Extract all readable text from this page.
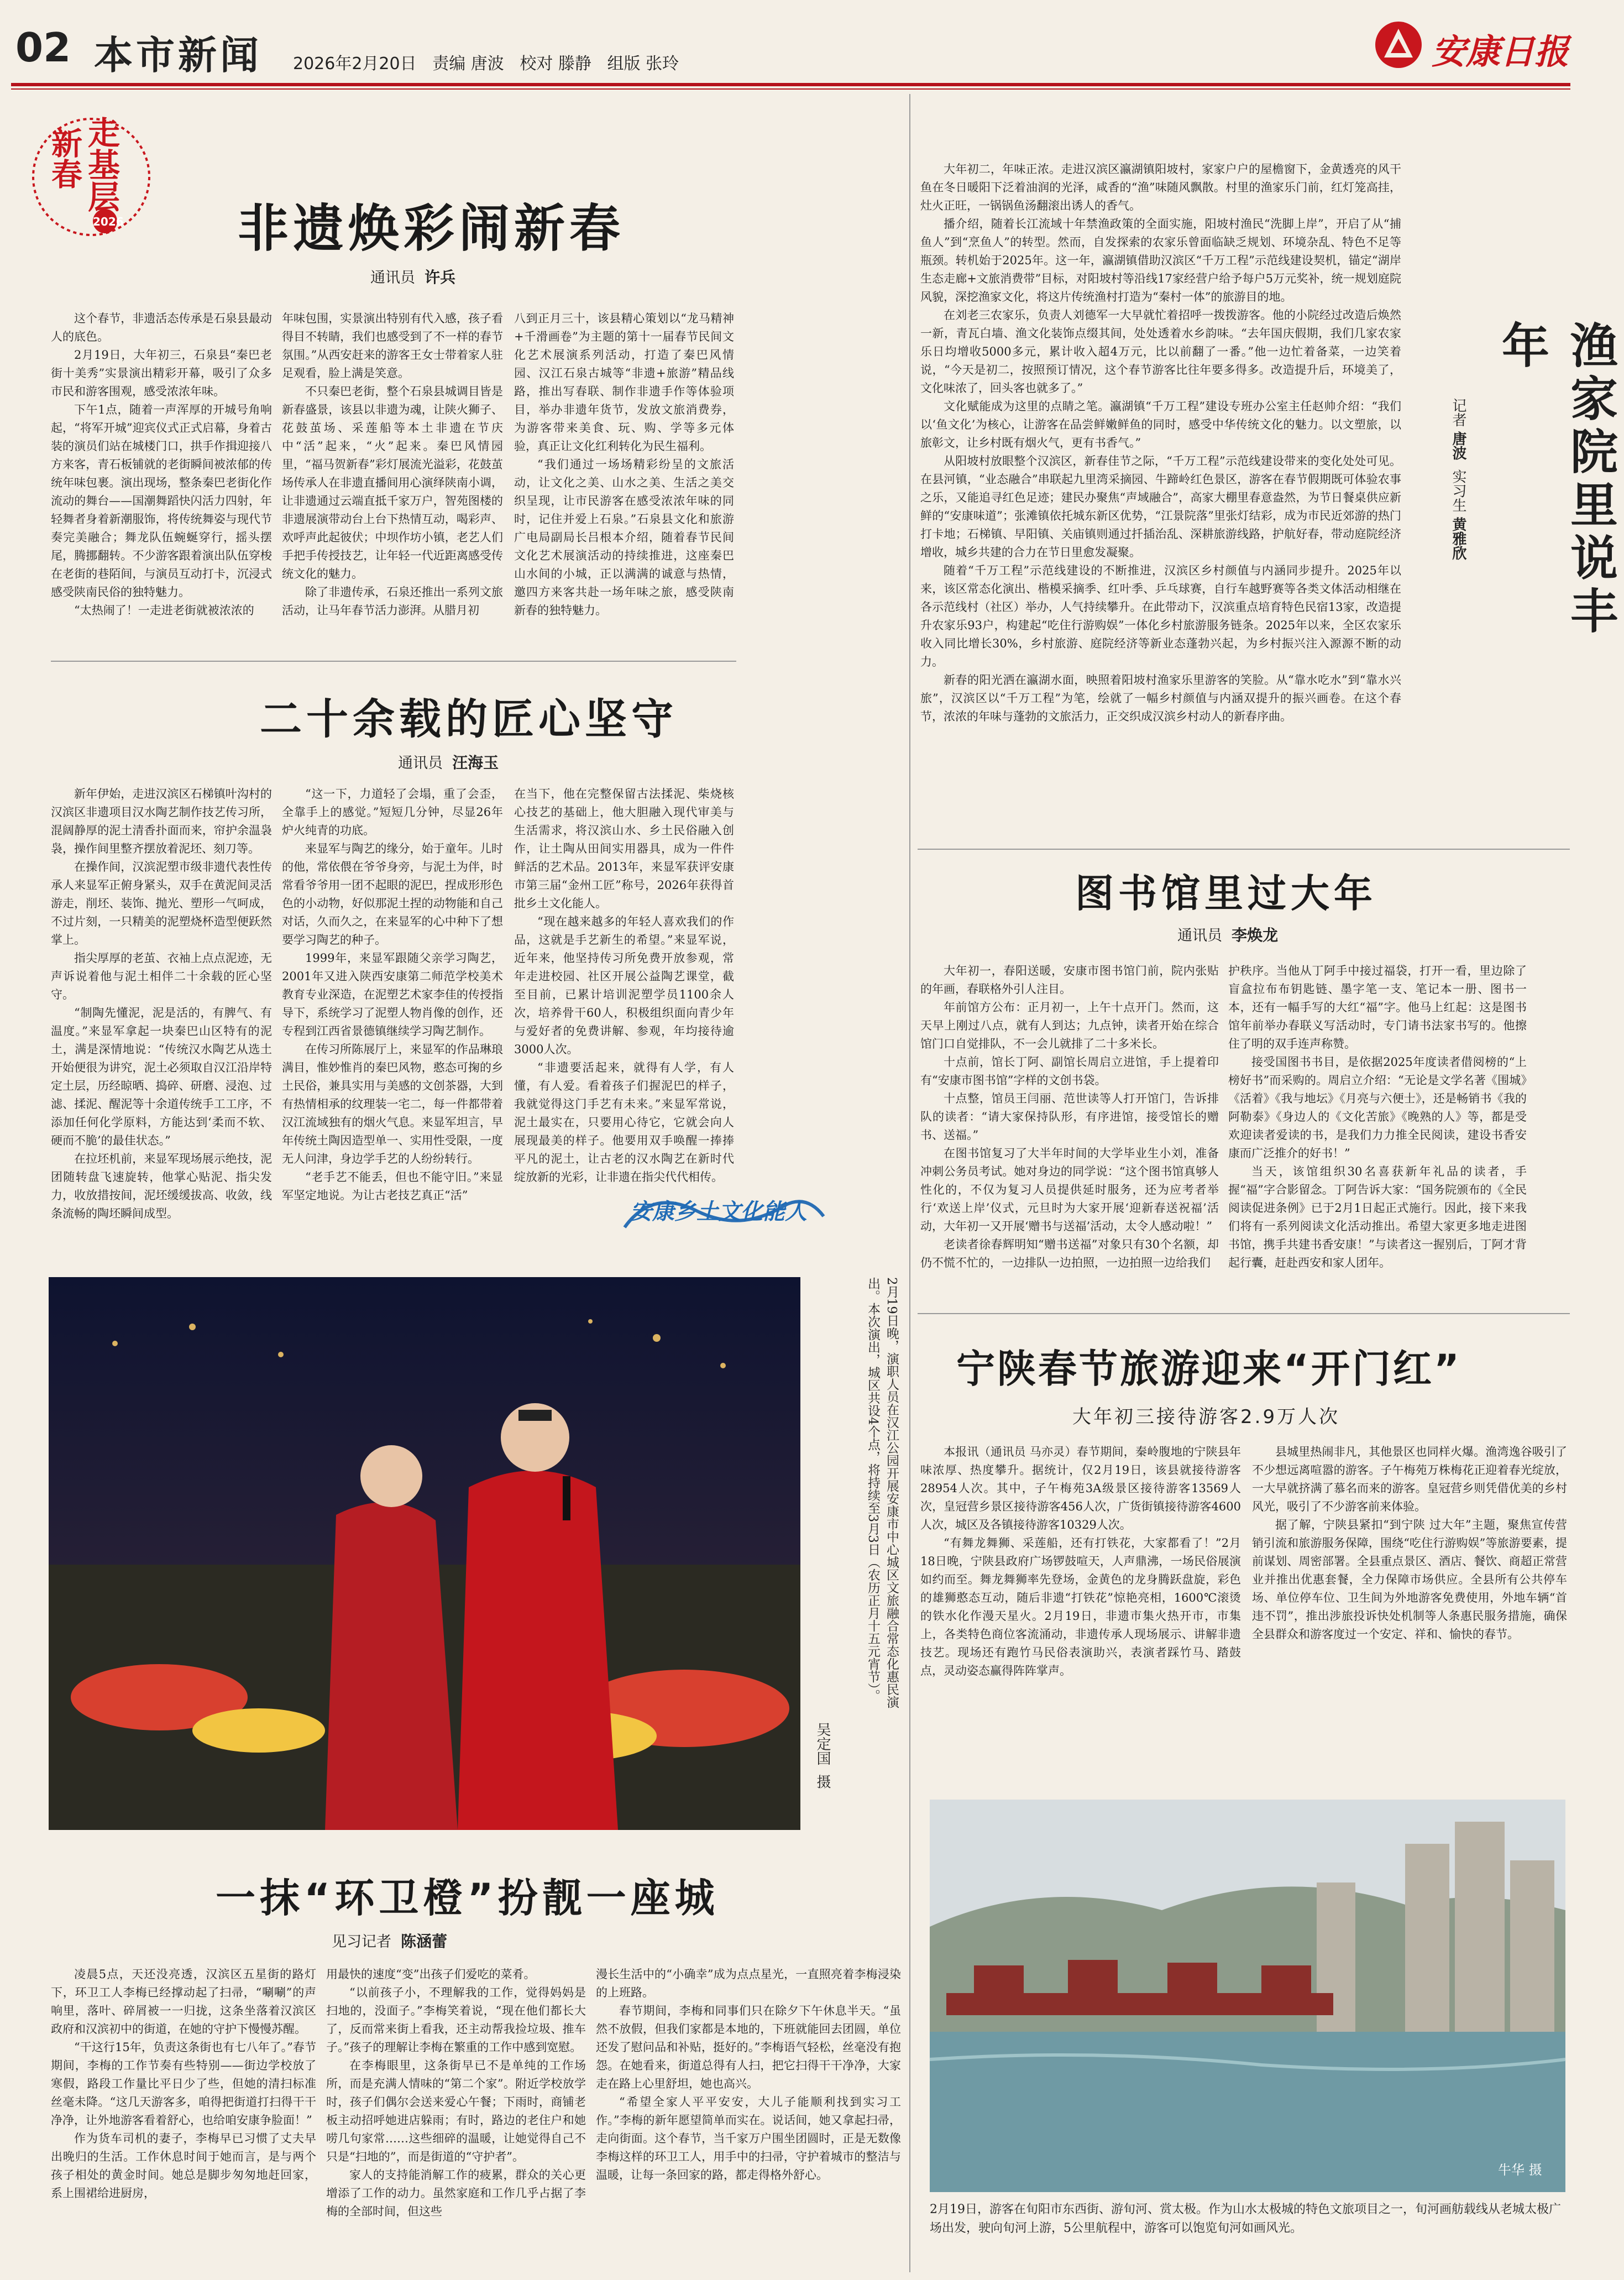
02 本市新闻 2026年2月20日 责编 唐波 校对 滕静 组版 张玲	安康日报
新春 走基层
2026 非遗焕彩闹新春
通讯员 许兵

这个春节，非遗活态传承是石泉县最动人的底色。

2月19日，大年初三，石泉县“秦巴老街十美秀”实景演出精彩开幕，吸引了众多市民和游客围观，感受浓浓年味。

下午1点，随着一声浑厚的开城号角响起，“将军开城”迎宾仪式正式启幕，身着古装的演员们站在城楼门口，拱手作揖迎接八方来客，青石板铺就的老街瞬间被浓郁的传统年味包裹。演出现场，整条秦巴老街化作流动的舞台——国潮舞蹈快闪活力四射，年轻舞者身着新潮服饰，将传统舞姿与现代节奏完美融合；舞龙队伍蜿蜒穿行，摇头摆尾，腾挪翻转。不少游客跟着演出队伍穿梭在老街的巷陌间，与演员互动打卡，沉浸式感受陕南民俗的独特魅力。

“太热闹了！一走进老街就被浓浓的

年味包围，实景演出特别有代入感，孩子看得目不转睛，我们也感受到了不一样的春节氛围。”从西安赶来的游客王女士带着家人驻足观看，脸上满是笑意。

不只秦巴老街，整个石泉县城调目皆是新春盛景，该县以非遗为魂，让陕火狮子、花鼓茧场、采莲船等本土非遗在节庆中“活”起来，“火”起来。秦巴风情园里，“福马贺新春”彩灯展流光溢彩，花鼓茧场传承人在非遗直播间用心演绎陕南小调，让非遗通过云端直抵千家万户，智苑图楼的非遗展演带动台上台下热情互动，喝彩声、欢呼声此起彼伏；中坝作坊小镇，老艺人们手把手传授技艺，让年轻一代近距离感受传统文化的魅力。

除了非遗传承，石泉还推出一系列文旅活动，让马年春节活力澎湃。从腊月初

八到正月三十，该县精心策划以“龙马精神+千滑画卷”为主题的第十一届春节民间文化艺术展演系列活动，打造了秦巴风情园、汉江石泉古城等“非遗+旅游”精品线路，推出写春联、制作非遗手作等体验项目，举办非遗年货节，发放文旅消费券，为游客带来美食、玩、购、学等多元体验，真正让文化红利转化为民生福利。

“我们通过一场场精彩纷呈的文旅活动，让文化之美、山水之美、生活之美交织呈现，让市民游客在感受浓浓年味的同时，记住并爱上石泉。”石泉县文化和旅游广电局副局长吕根本介绍，随着春节民间文化艺术展演活动的持续推进，这座秦巴山水间的小城，正以满满的诚意与热情，邀四方来客共赴一场年味之旅，感受陕南新春的独特魅力。

二十余载的匠心坚守
通讯员 汪海玉

新年伊始，走进汉滨区石梯镇叶沟村的汉滨区非遗项目汉水陶艺制作技艺传习所，混阔静厚的泥土清香扑面而来，帘护余温袅袅，操作间里整齐摆放着泥坯、刻刀等。

在操作间，汉滨泥塑市级非遗代表性传承人来显军正俯身紧头，双手在黄泥间灵活游走，削坯、装饰、抛光、塑形一气呵成，不过片刻，一只精美的泥塑烧杯造型便跃然掌上。

指尖厚厚的老茧、衣袖上点点泥迹，无声诉说着他与泥土相伴二十余载的匠心坚守。

“制陶先懂泥，泥是活的，有脾气、有温度。”来显军拿起一块秦巴山区特有的泥土，满是深情地说：“传统汉水陶艺从选土开始便很为讲究，泥土必须取自汉江沿岸特定土层，历经晾晒、捣碎、研磨、浸泡、过滤、揉泥、醒泥等十余道传统手工工序，不添加任何化学原料，方能达到‘柔而不软、硬而不脆’的最佳状态。”

在拉坯机前，来显军现场展示绝技，泥团随转盘飞速旋转，他掌心贴泥、指尖发力，收放措按间，泥坯缓缓拔高、收敛，线条流畅的陶坯瞬间成型。

“这一下，力道轻了会塌，重了会歪，全靠手上的感觉。”短短几分钟，尽显26年炉火纯青的功底。

来显军与陶艺的缘分，始于童年。儿时的他，常依偎在爷爷身旁，与泥土为伴，时常看爷爷用一团不起眼的泥巴，捏成形形色色的小动物，好似那泥土捏的动物能和自己对话，久而久之，在来显军的心中种下了想要学习陶艺的种子。

1999年，来显军跟随父亲学习陶艺，2001年又进入陕西安康第二师范学校美术教育专业深造，在泥塑艺术家李佳的传授指导下，系统学习了泥塑人物肖像的创作，还专程到江西省景德镇继续学习陶艺制作。

在传习所陈展厅上，来显军的作品琳琅满目，惟妙惟肖的秦巴风物，憨态可掬的乡土民俗，兼具实用与美感的文创茶器，大到有热情相承的纹理装一宅二，每一件都带着汉江流域独有的烟火气息。来显军坦言，早年传统土陶因造型单一、实用性受限，一度无人问津，身边学手艺的人纷纷转行。

“老手艺不能丢，但也不能守旧。”来显军坚定地说。为让古老技艺真正“活”

在当下，他在完整保留古法揉泥、柴烧核心技艺的基础上，他大胆融入现代审美与生活需求，将汉滨山水、乡土民俗融入创作，让土陶从田间实用器具，成为一件件鲜活的艺术品。2013年，来显军获评安康市第三届“金州工匠”称号，2026年获得首批乡土文化能人。

“现在越来越多的年轻人喜欢我们的作品，这就是手艺新生的希望。”来显军说，近年来，他坚持传习所免费开放参观，常年走进校园、社区开展公益陶艺课堂，截至目前，已累计培训泥塑学员1100余人次，培养骨干60人，积极组织面向青少年与爱好者的免费讲解、参观，年均接待逾3000人次。

“非遗要活起来，就得有人学，有人懂，有人爱。看着孩子们握泥巴的样子，我就觉得这门手艺有未来。”来显军常说，泥土最实在，只要用心待它，它就会向人展现最美的样子。他要用双手唤醒一捧捧平凡的泥土，让古老的汉水陶艺在新时代绽放新的光彩，让非遗在指尖代代相传。

安康乡土文化能人
2月19日晚，演职人员在汉江公园开展安康市中心城区文旅融合常态化惠民演出。本次演出，城区共设4个点，将持续至3月3日（农历正月十五元宵节）。
吴定国  摄
一抹“环卫橙”扮靓一座城
见习记者 陈涵蕾

凌晨5点，天还没亮透，汉滨区五星街的路灯下，环卫工人李梅已经撑动起了扫帚，“唰唰”的声响里，落叶、碎屑被一一归拢，这条坐落着汉滨区政府和汉滨初中的街道，在她的守护下慢慢苏醒。

“干这行15年，负责这条街也有七八年了。”春节期间，李梅的工作节奏有些特别——街边学校放了寒假，路段工作量比平日少了些，但她的清扫标准丝毫未降。“这几天游客多，咱得把街道打扫得干干净净，让外地游客看着舒心，也给咱安康争脸面！”

作为货车司机的妻子，李梅早已习惯了丈夫早出晚归的生活。工作休息时间于她而言，是与两个孩子相处的黄金时间。她总是脚步匆匆地赶回家，系上围裙给进厨房，

用最快的速度“变”出孩子们爱吃的菜肴。

“以前孩子小，不理解我的工作，觉得妈妈是扫地的，没面子。”李梅笑着说，“现在他们都长大了，反而常来街上看我，还主动帮我捡垃圾、推车子。”孩子的理解让李梅在繁重的工作中感到宽慰。

在李梅眼里，这条街早已不是单纯的工作场所，而是充满人情味的“第二个家”。附近学校放学时，孩子们偶尔会送来爱心午餐；下雨时，商铺老板主动招呼她进店躲雨；有时，路边的老住户和她唠几句家常……这些细碎的温暖，让她觉得自己不只是“扫地的”，而是街道的“守护者”。

家人的支持能消解工作的疲累，群众的关心更增添了工作的动力。虽然家庭和工作几乎占据了李梅的全部时间，但这些

漫长生活中的“小确幸”成为点点星光，一直照亮着李梅浸染的上班路。

春节期间，李梅和同事们只在除夕下午休息半天。“虽然不放假，但我们家都是本地的，下班就能回去团圆，单位还发了慰问品和补贴，挺好的。”李梅语气轻松，丝毫没有抱怨。在她看来，街道总得有人扫，把它扫得干干净净，大家走在路上心里舒坦，她也高兴。

“希望全家人平平安安，大儿子能顺利找到实习工作。”李梅的新年愿望简单而实在。说话间，她又拿起扫帚，走向街面。这个春节，当千家万户围坐团圆时，正是无数像李梅这样的环卫工人，用手中的扫帚，守护着城市的整洁与温暖，让每一条回家的路，都走得格外舒心。

大年初二，年味正浓。走进汉滨区瀛湖镇阳坡村，家家户户的屋檐窗下，金黄透亮的风干鱼在冬日暖阳下泛着油润的光泽，咸香的“渔”味随风飘散。村里的渔家乐门前，红灯笼高挂，灶火正旺，一锅锅鱼汤翻滚出诱人的香气。

播介绍，随着长江流域十年禁渔政策的全面实施，阳坡村渔民“洗脚上岸”，开启了从“捕鱼人”到“烹鱼人”的转型。然而，自发探索的农家乐曾面临缺乏规划、环境杂乱、特色不足等瓶颈。转机始于2025年。这一年，瀛湖镇借助汉滨区“千万工程”示范线建设契机，锚定“湖岸生态走廊+文旅消费带”目标，对阳坡村等沿线17家经营户给予每户5万元奖补，统一规划庭院风貌，深挖渔家文化，将这片传统渔村打造为“秦村一体”的旅游目的地。

在刘老三农家乐，负责人刘德军一大早就忙着招呼一拨拨游客。他的小院经过改造后焕然一新，青瓦白墙、渔文化装饰点缀其间，处处透着水乡韵味。“去年国庆假期，我们几家农家乐日均增收5000多元，累计收入超4万元，比以前翻了一番。”他一边忙着备菜，一边笑着说，“今天是初二，按照预订情况，这个春节游客比往年要多得多。改造提升后，环境美了，文化味浓了，回头客也就多了。”

文化赋能成为这里的点睛之笔。瀛湖镇“千万工程”建设专班办公室主任赵帅介绍：“我们以‘鱼文化’为核心，让游客在品尝鲜嫩鲜鱼的同时，感受中华传统文化的魅力。以文塑旅，以旅彰文，让乡村既有烟火气，更有书香气。”

从阳坡村放眼整个汉滨区，新春佳节之际，“千万工程”示范线建设带来的变化处处可见。在县河镇，“业态融合”串联起九里湾采摘园、牛蹄岭红色景区，游客在春节假期既可体验农事之乐，又能追寻红色足迹；建民办聚焦“声域融合”，高家大棚里春意盎然，为节日餐桌供应新鲜的“安康味道”；张滩镇依托城东新区优势，“江景院落”里张灯结彩，成为市民近郊游的热门打卡地；石梯镇、早阳镇、关庙镇则通过扦插治乱、深耕旅游线路，护航好春，带动庭院经济增收，城乡共建的合力在节日里愈发凝聚。

随着“千万工程”示范线建设的不断推进，汉滨区乡村颜值与内涵同步提升。2025年以来，该区常态化演出、楷模采摘季、红叶季、乒乓球赛，自行车越野赛等各类文体活动相继在各示范线村（社区）举办，人气持续攀升。在此带动下，汉滨重点培育特色民宿13家，改造提升农家乐93户，构建起“吃住行游购娱”一体化乡村旅游服务链条。2025年以来，全区农家乐收入同比增长30%，乡村旅游、庭院经济等新业态蓬勃兴起，为乡村振兴注入源源不断的动力。

新春的阳光洒在瀛湖水面，映照着阳坡村渔家乐里游客的笑脸。从“靠水吃水”到“靠水兴旅”，汉滨区以“千万工程”为笔，绘就了一幅乡村颜值与内涵双提升的振兴画卷。在这个春节，浓浓的年味与蓬勃的文旅活力，正交织成汉滨乡村动人的新春序曲。

渔家院里说丰年
记者 唐波  实习生 黄雅欣
图书馆里过大年
通讯员 李焕龙

大年初一，春阳送暖，安康市图书馆门前，院内张贴的年画，春联格外引人注目。

年前馆方公布：正月初一，上午十点开门。然而，这天早上刚过八点，就有人到达；九点钟，读者开始在综合馆门口自觉排队，不一会儿就排了二十多米长。

十点前，馆长丁阿、副馆长周启立进馆，手上提着印有“安康市图书馆”字样的文创书袋。

十点整，馆员王闫丽、范世读等人打开馆门，告诉排队的读者：“请大家保持队形，有序进馆，接受馆长的赠书、送福。”

在图书馆复习了大半年时间的大学毕业生小刘，准备冲刺公务员考试。她对身边的同学说：“这个图书馆真够人性化的，不仅为复习人员提供延时服务，还为应考者举行‘欢送上岸’仪式，元旦时为大家开展‘迎新春送祝福’活动，大年初一又开展‘赠书与送福’活动，太令人感动啦！”

老读者徐春辉明知“赠书送福”对象只有30个名额，却仍不慌不忙的，一边排队一边拍照，一边拍照一边给我们

护秩序。当他从丁阿手中接过福袋，打开一看，里边除了盲盒拉布布钥匙链、墨字笔一支、笔记本一册、图书一本，还有一幅手写的大红“福”字。他马上红起：这是图书馆年前举办春联义写活动时，专门请书法家书写的。他擦住了明的双手连声称赞。

接受国图书书目，是依据2025年度读者借阅榜的“上榜好书”而采购的。周启立介绍：“无论是文学名著《围城》《活着》《我与地坛》《月亮与六便士》，还是畅销书《我的阿勒泰》《身边人的《文化苦旅》《晚熟的人》等，都是受欢迎读者爱读的书，是我们力力推全民阅读，建设书香安康而广泛推介的好书！”

当天，该馆组织30名喜获新年礼品的读者，手握“福”字合影留念。丁阿告诉大家：“国务院颁布的《全民阅读促进条例》已于2月1日起正式施行。因此，接下来我们将有一系列阅读文化活动推出。希望大家更多地走进图书馆，携手共建书香安康！”与读者这一握别后，丁阿才背起行囊，赶赴西安和家人团年。

宁陕春节旅游迎来“开门红”
大年初三接待游客2.9万人次

本报讯（通讯员 马亦灵）春节期间，秦岭腹地的宁陕县年味浓厚、热度攀升。据统计，仅2月19日，该县就接待游客28954人次。其中，子午梅苑3A级景区接待游客13569人次，皇冠营乡景区接待游客456人次，广货街镇接待游客4600人次，城区及各镇接待游客10329人次。

“有舞龙舞狮、采莲船，还有打铁花，大家都看了！”2月18日晚，宁陕县政府广场锣鼓喧天，人声鼎沸，一场民俗展演如约而至。舞龙舞狮率先登场，金黄色的龙身腾跃盘旋，彩色的雄狮憨态互动，随后非遗“打铁花”惊艳亮相，1600℃滚烫的铁水化作漫天星火。2月19日，非遗市集火热开市，市集上，各类特色商位客流涌动，非遗传承人现场展示、讲解非遗技艺。现场还有跑竹马民俗表演助兴，表演者踩竹马、踏鼓点，灵动姿态赢得阵阵掌声。

县城里热闹非凡，其他景区也同样火爆。渔湾逸谷吸引了不少想远离喧嚣的游客。子午梅苑万株梅花正迎着春光绽放，一大早就挤满了慕名而来的游客。皇冠营乡则凭借优美的乡村风光，吸引了不少游客前来体验。

据了解，宁陕县紧扣“到宁陕 过大年”主题，聚焦宣传营销引流和旅游服务保障，围绕“吃住行游购娱”等旅游要素，提前谋划、周密部署。全县重点景区、酒店、餐饮、商超正常营业并推出优惠套餐，全力保障市场供应。全县所有公共停车场、单位停车位、卫生间为外地游客免费使用，外地车辆“首违不罚”，推出涉旅投诉快处机制等人条惠民服务措施，确保全县群众和游客度过一个安定、祥和、愉快的春节。

2月19日，游客在旬阳市东西街、游旬河、赏太极。作为山水太极城的特色文旅项目之一，旬河画舫载线从老城太极广场出发，驶向旬河上游，5公里航程中，游客可以饱览旬河如画风光。
牛华 摄
